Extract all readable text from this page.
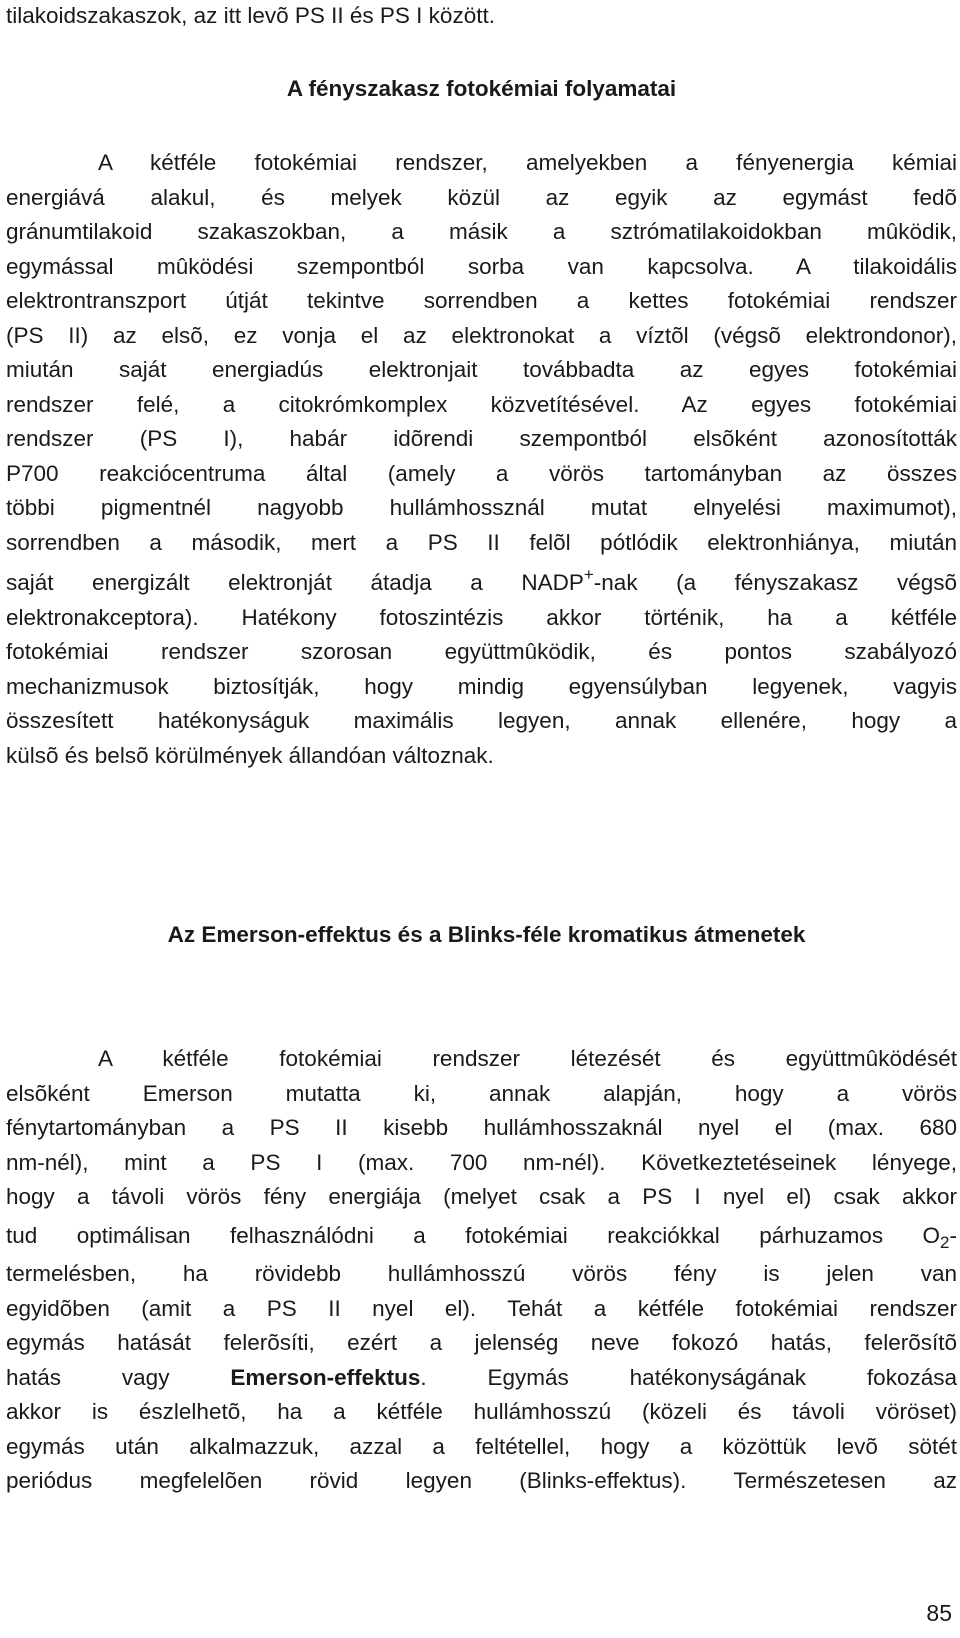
tilakoidszakaszok, az itt levõ PS II és PS I között.
A fényszakasz fotokémiai folyamatai
A kétféle fotokémiai rendszer, amelyekben a fényenergia kémiai
energiává alakul, és melyek közül az egyik az egymást fedõ
gránumtilakoid szakaszokban, a másik a sztrómatilakoidokban mûködik,
egymással mûködési szempontból sorba van kapcsolva. A tilakoidális
elektrontranszport útját tekintve sorrendben a kettes fotokémiai rendszer
(PS II) az elsõ, ez vonja el az elektronokat a víztõl (végsõ elektrondonor),
miután saját energiadús elektronjait továbbadta az egyes fotokémiai
rendszer felé, a citokrómkomplex közvetítésével. Az egyes fotokémiai
rendszer (PS I), habár idõrendi szempontból elsõként azonosították
P700 reakciócentruma által (amely a vörös tartományban az összes
többi pigmentnél nagyobb hullámhossznál mutat elnyelési maximumot),
sorrendben a második, mert a PS II felõl pótlódik elektronhiánya, miután
saját energizált elektronját átadja a NADP+-nak (a fényszakasz végsõ
elektronakceptora). Hatékony fotoszintézis akkor történik, ha a kétféle
fotokémiai rendszer szorosan együttmûködik, és pontos szabályozó
mechanizmusok biztosítják, hogy mindig egyensúlyban legyenek, vagyis
összesített hatékonyságuk maximális legyen, annak ellenére, hogy a
külsõ és belsõ körülmények állandóan változnak.
Az Emerson-effektus és a Blinks-féle kromatikus átmenetek
A kétféle fotokémiai rendszer létezését és együttmûködését
elsõként Emerson mutatta ki, annak alapján, hogy a vörös
fénytartományban a PS II kisebb hullámhosszaknál nyel el (max. 680
nm-nél), mint a PS I (max. 700 nm-nél). Következtetéseinek lényege,
hogy a távoli vörös fény energiája (melyet csak a PS I nyel el) csak akkor
tud optimálisan felhasználódni a fotokémiai reakciókkal párhuzamos $O_2-$
termelésben, ha rövidebb hullámhosszú vörös fény is jelen van
egyidõben (amit a PS II nyel el). Tehát a kétféle fotokémiai rendszer
egymás hatását felerõsíti, ezért a jelenség neve fokozó hatás, felerõsítõ
hatás vagy Emerson-effektus. Egymás hatékonyságának fokozása
akkor is észlelhetõ, ha a kétféle hullámhosszú (közeli és távoli vöröset)
egymás után alkalmazzuk, azzal a feltétellel, hogy a közöttük levõ sötét
periódus megfelelõen rövid legyen (Blinks-effektus). Természetesen az
85
